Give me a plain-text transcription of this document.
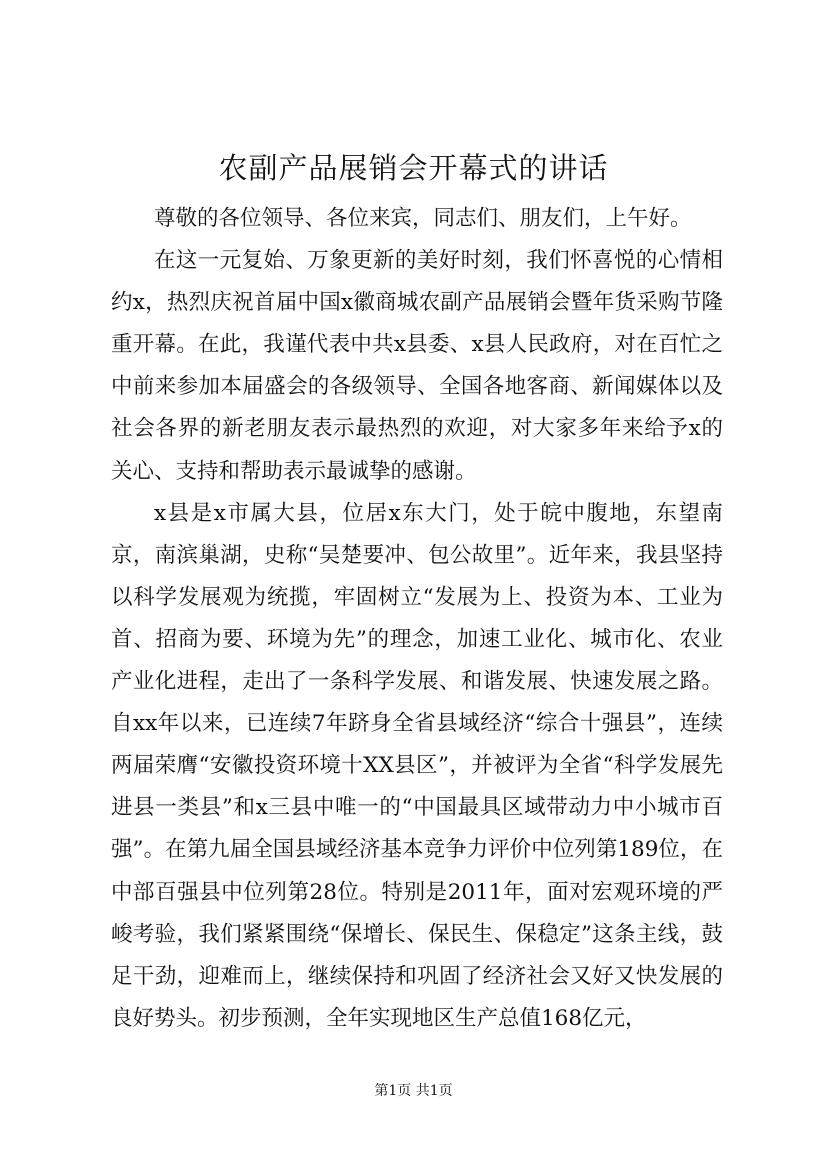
农副产品展销会开幕式的讲话

尊敬的各位领导、各位来宾，同志们、朋友们，上午好。

在这一元复始、万象更新的美好时刻，我们怀喜悦的心情相约x，热烈庆祝首届中国x徽商城农副产品展销会暨年货采购节隆重开幕。在此，我谨代表中共x县委、x县人民政府，对在百忙之中前来参加本届盛会的各级领导、全国各地客商、新闻媒体以及社会各界的新老朋友表示最热烈的欢迎，对大家多年来给予x的关心、支持和帮助表示最诚挚的感谢。

x县是x市属大县，位居x东大门，处于皖中腹地，东望南京，南滨巢湖，史称“吴楚要冲、包公故里”。近年来，我县坚持以科学发展观为统揽，牢固树立“发展为上、投资为本、工业为首、招商为要、环境为先”的理念，加速工业化、城市化、农业产业化进程，走出了一条科学发展、和谐发展、快速发展之路。自xx年以来，已连续7年跻身全省县域经济“综合十强县”，连续两届荣膺“安徽投资环境十XX县区”，并被评为全省“科学发展先进县一类县”和x三县中唯一的“中国最具区域带动力中小城市百强”。在第九届全国县域经济基本竞争力评价中位列第189位，在中部百强县中位列第28位。特别是2011年，面对宏观环境的严峻考验，我们紧紧围绕“保增长、保民生、保稳定”这条主线，鼓足干劲，迎难而上，继续保持和巩固了经济社会又好又快发展的良好势头。初步预测，全年实现地区生产总值168亿元，

第1页 共1页
